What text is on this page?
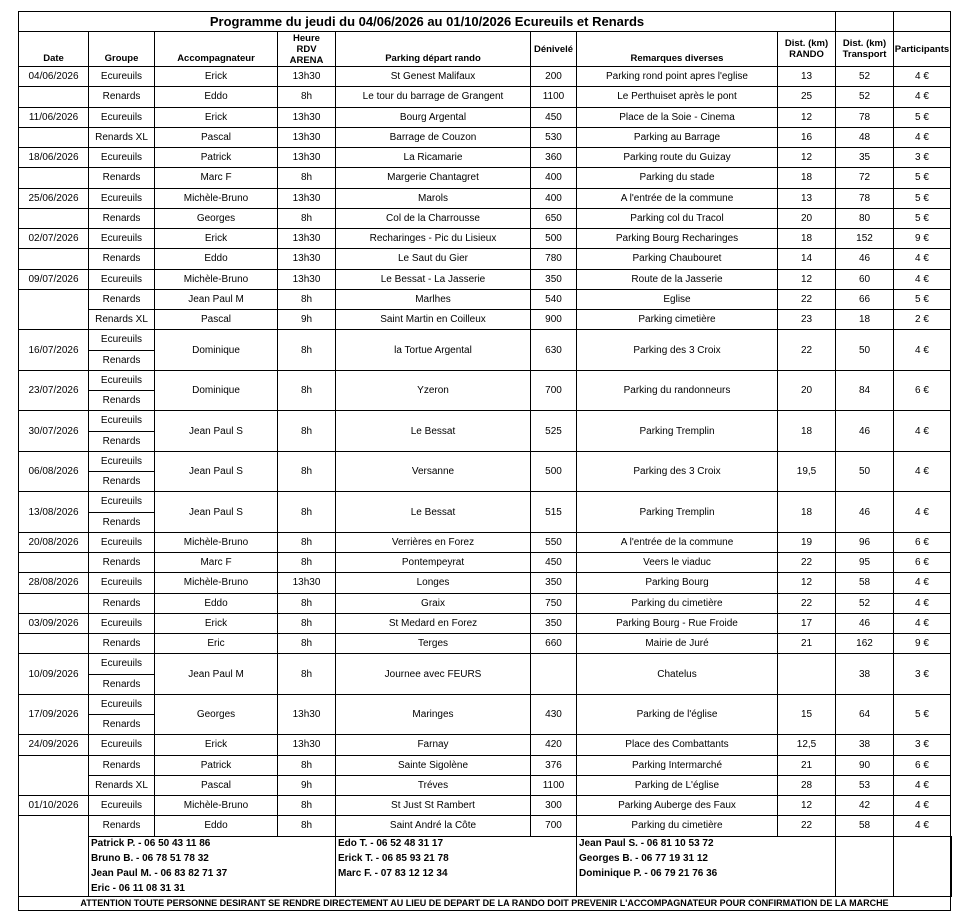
Programme du jeudi du 04/06/2026 au 01/10/2026 Ecureuils et Renards										
Date	Groupe	Accompagnateur	Heure RDV ARENA	Parking départ rando	Dénivelé	Remarques diverses	Dist. (km) RANDO	Dist. (km) Transport	Participants	
04/06/2026	Ecureuils	Erick	13h30	St Genest Malifaux	200	Parking rond point apres l'eglise	13	52	4 €	
	Renards	Eddo	8h	Le tour du barrage de Grangent	1100	Le Perthuiset après le pont	25	52	4 €	
11/06/2026	Ecureuils	Erick	13h30	Bourg Argental	450	Place de la Soie - Cinema	12	78	5 €	
	Renards XL	Pascal	13h30	Barrage de Couzon	530	Parking au Barrage	16	48	4 €	
18/06/2026	Ecureuils	Patrick	13h30	La Ricamarie	360	Parking route du Guizay	12	35	3 €	
	Renards	Marc F	8h	Margerie Chantagret	400	Parking du stade	18	72	5 €	
25/06/2026	Ecureuils	Michèle-Bruno	13h30	Marols	400	A l'entrée de la commune	13	78	5 €	
	Renards	Georges	8h	Col de la Charrousse	650	Parking col du Tracol	20	80	5 €	
02/07/2026	Ecureuils	Erick	13h30	Recharinges - Pic du Lisieux	500	Parking Bourg Recharinges	18	152	9 €	
	Renards	Eddo	13h30	Le Saut du Gier	780	Parking Chaubouret	14	46	4 €	
09/07/2026	Ecureuils	Michèle-Bruno	13h30	Le Bessat - La Jasserie	350	Route de la Jasserie	12	60	4 €	
	Renards	Jean Paul M	8h	Marlhes	540	Eglise	22	66	5 €	
	Renards XL	Pascal	9h	Saint Martin en Coilleux	900	Parking cimetière	23	18	2 €	
16/07/2026	Ecureuils	Dominique	8h	la Tortue Argental	630	Parking des 3 Croix	22	50	4 €	
	Renards									
23/07/2026	Ecureuils	Dominique	8h	Yzeron	700	Parking du randonneurs	20	84	6 €	
	Renards									
30/07/2026	Ecureuils	Jean Paul S	8h	Le Bessat	525	Parking Tremplin	18	46	4 €	
	Renards									
06/08/2026	Ecureuils	Jean Paul S	8h	Versanne	500	Parking des 3 Croix	19,5	50	4 €	
	Renards									
13/08/2026	Ecureuils	Jean Paul S	8h	Le Bessat	515	Parking Tremplin	18	46	4 €	
	Renards									
20/08/2026	Ecureuils	Michèle-Bruno	8h	Verrières en Forez	550	A l'entrée de la commune	19	96	6 €	
	Renards	Marc F	8h	Pontempeyrat	450	Veers le viaduc	22	95	6 €	
28/08/2026	Ecureuils	Michèle-Bruno	13h30	Longes	350	Parking Bourg	12	58	4 €	
	Renards	Eddo	8h	Graix	750	Parking du cimetière	22	52	4 €	
03/09/2026	Ecureuils	Erick	8h	St Medard en Forez	350	Parking Bourg - Rue Froide	17	46	4 €	
	Renards	Eric	8h	Terges	660	Mairie de Juré	21	162	9 €	
10/09/2026	Ecureuils	Jean Paul M	8h	Journee avec FEURS		Chatelus		38	3 €	
	Renards									
17/09/2026	Ecureuils	Georges	13h30	Maringes	430	Parking de l'église	15	64	5 €	
	Renards									
24/09/2026	Ecureuils	Erick	13h30	Farnay	420	Place des Combattants	12,5	38	3 €	
	Renards	Patrick	8h	Sainte Sigolène	376	Parking Intermarché	21	90	6 €	
	Renards XL	Pascal	9h	Tréves	1100	Parking de L'église	28	53	4 €	
01/10/2026	Ecureuils	Michèle-Bruno	8h	St Just St Rambert	300	Parking Auberge des Faux	12	42	4 €	
	Renards	Eddo	8h	Saint André la Côte	700	Parking du cimetière	22	58	4 €	
	Patrick P. - 06 50 43 11 86			Edo T. - 06 52 48 31 17		Jean Paul S. - 06 81 10 53 72				
	Bruno B. - 06 78 51 78 32			Erick T. - 06 85 93 21 78		Georges B. - 06 77 19 31 12				
	Jean Paul M. - 06 83 82 71 37			Marc F. - 07 83 12 12 34		Dominique P. - 06 79 21 76 36				
	Eric - 06 11 08 31 31									
ATTENTION TOUTE PERSONNE DESIRANT SE RENDRE DIRECTEMENT AU LIEU DE DEPART DE LA RANDO DOIT PREVENIR L'ACCOMPAGNATEUR POUR CONFIRMATION DE LA MARCHE										
